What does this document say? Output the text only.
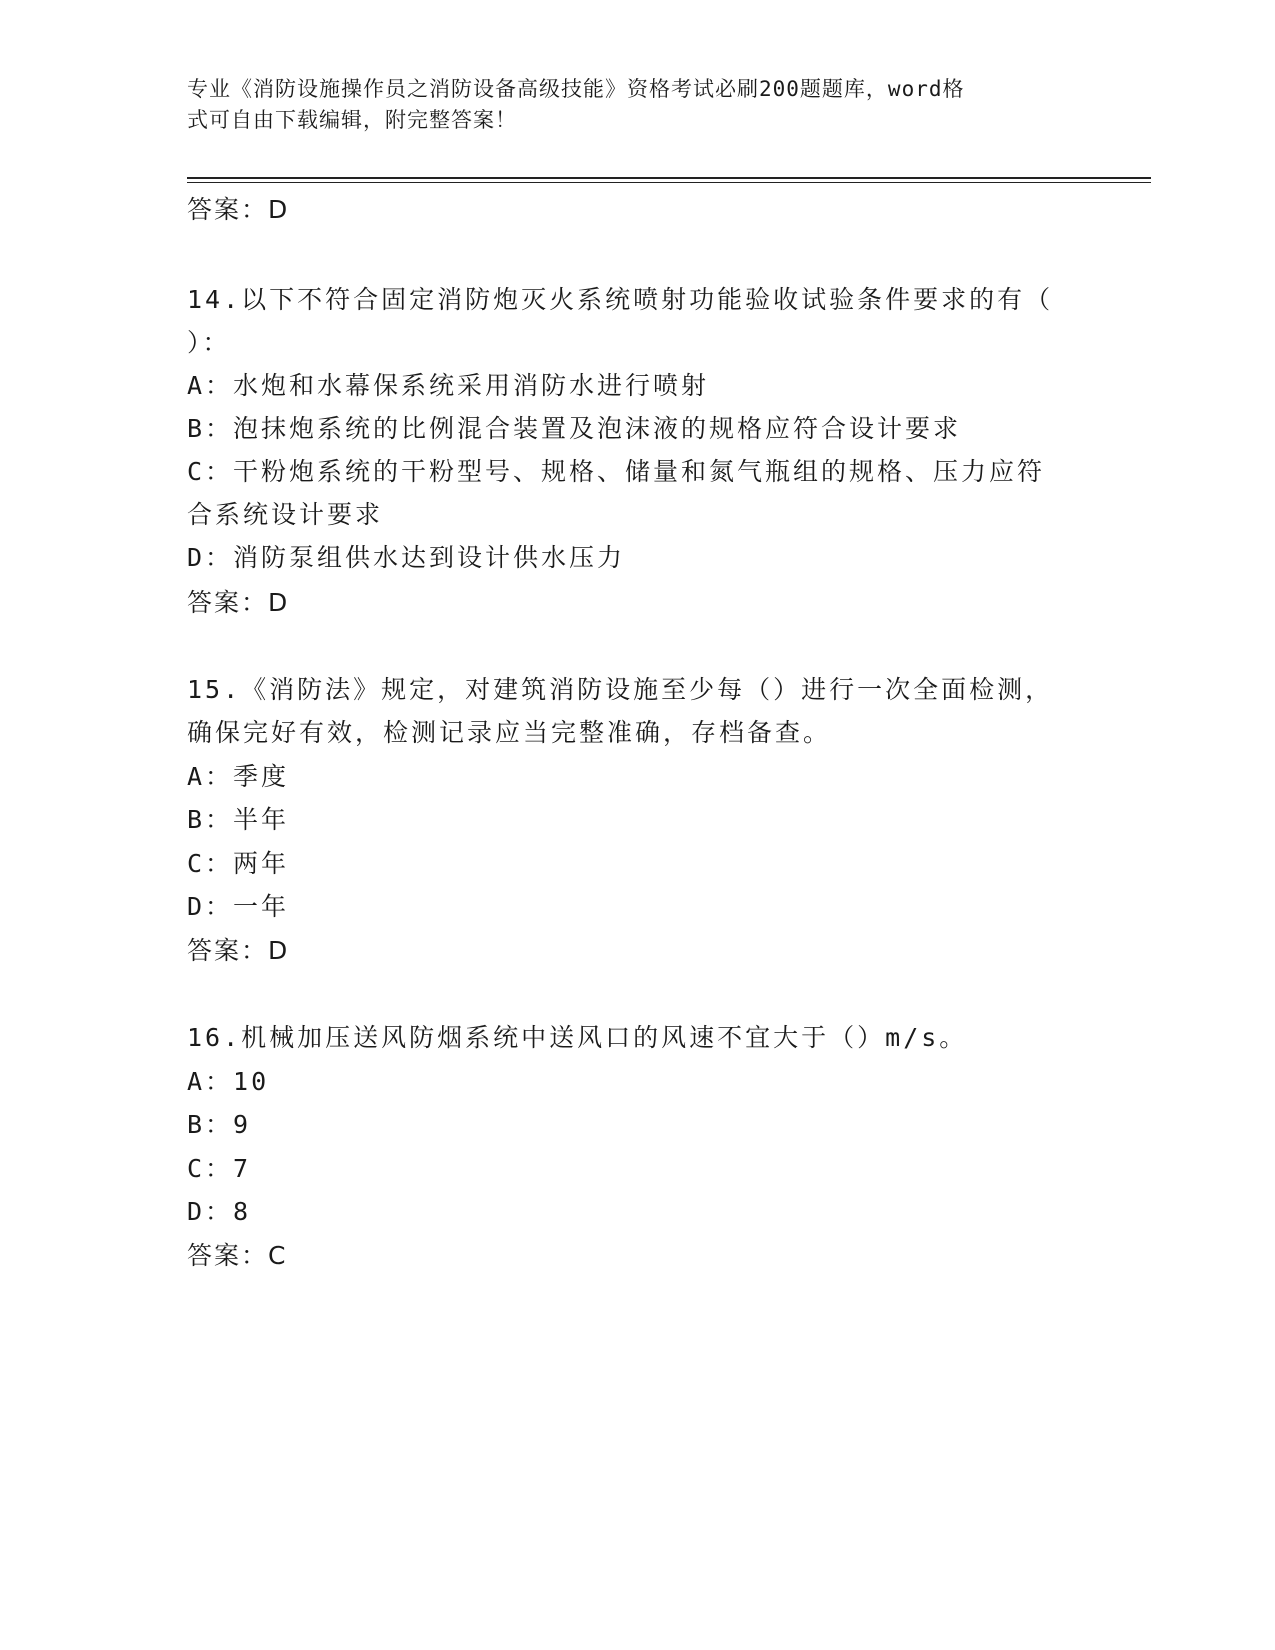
专业《消防设施操作员之消防设备高级技能》资格考试必刷200题题库，word格
式可自由下载编辑，附完整答案！
答案：D
14.以下不符合固定消防炮灭火系统喷射功能验收试验条件要求的有（
）：
A：水炮和水幕保系统采用消防水进行喷射
B：泡抹炮系统的比例混合装置及泡沫液的规格应符合设计要求
C：干粉炮系统的干粉型号、规格、储量和氮气瓶组的规格、压力应符
合系统设计要求
D：消防泵组供水达到设计供水压力
答案：D
15.《消防法》规定，对建筑消防设施至少每（）进行一次全面检测，
确保完好有效，检测记录应当完整准确，存档备查。
A：季度
B：半年
C：两年
D：一年
答案：D
16.机械加压送风防烟系统中送风口的风速不宜大于（）m/s。
A：10
B：9
C：7
D：8
答案：C
